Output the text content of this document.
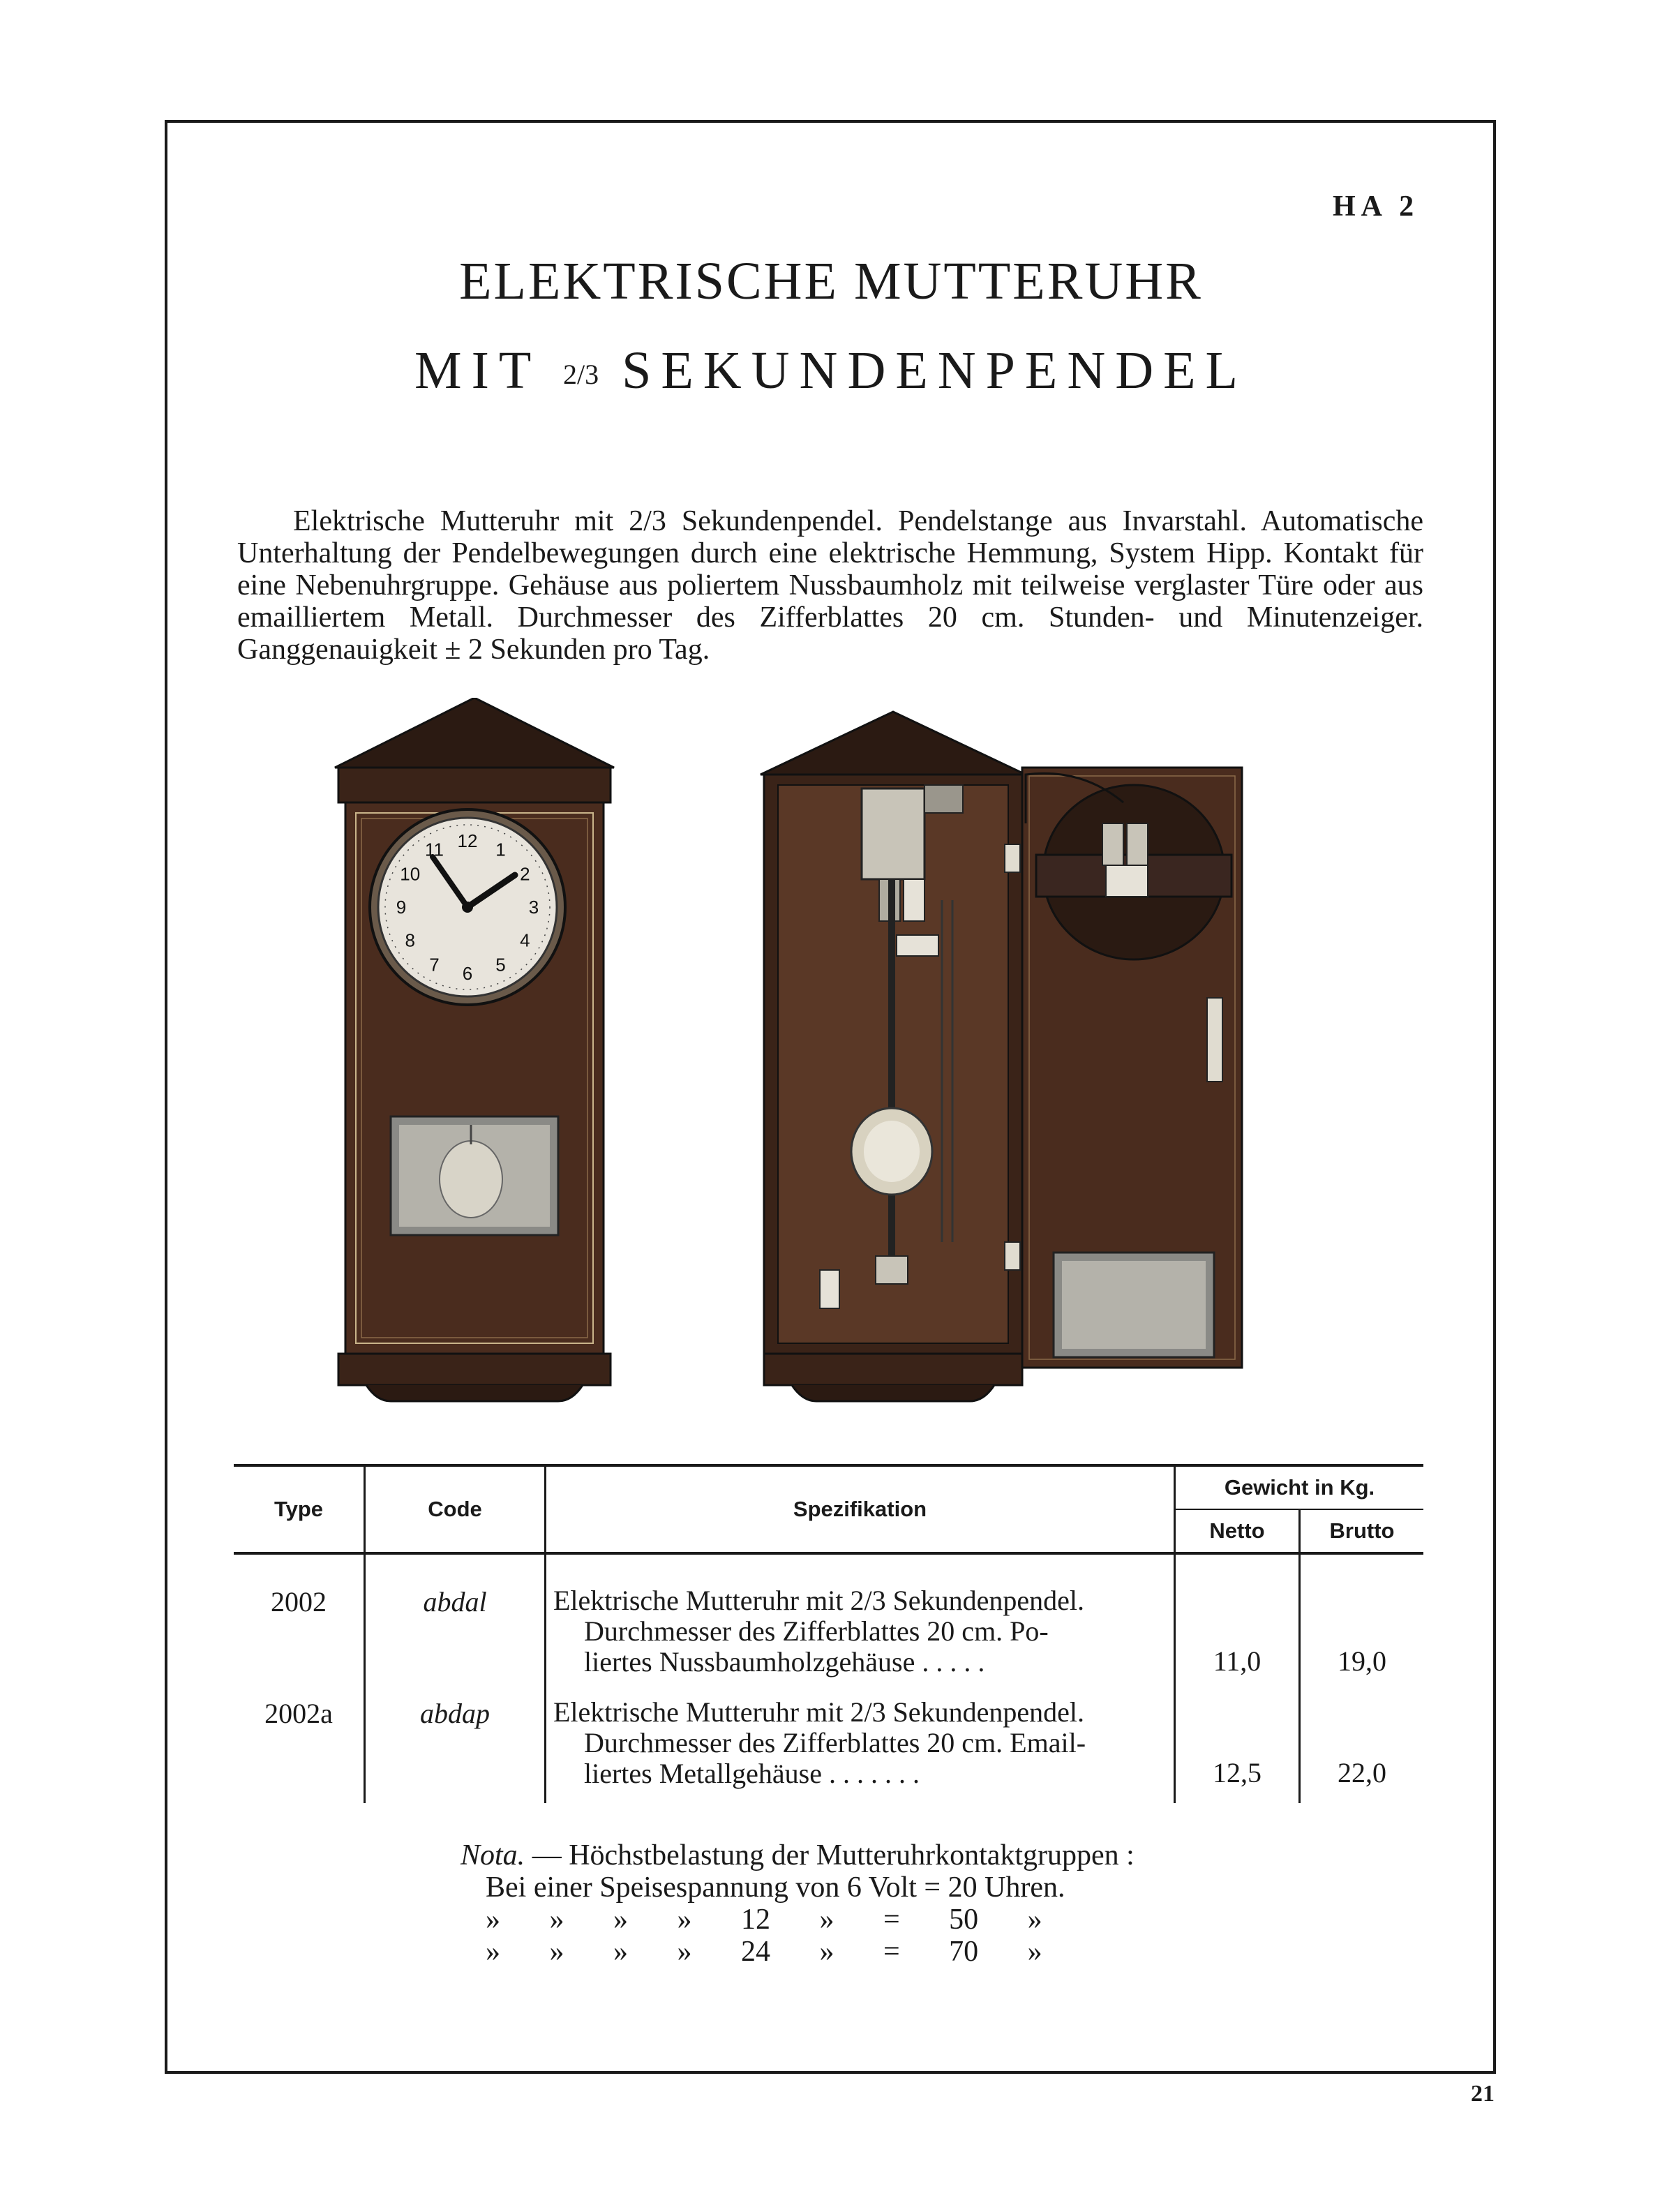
HA 2
ELEKTRISCHE MUTTERUHR
MIT 2/3 SEKUNDENPENDEL
Elektrische Mutteruhr mit 2/3 Sekundenpendel. Pendelstange aus Invarstahl. Automatische Unterhaltung der Pendelbewegungen durch eine elektrische Hemmung, System Hipp. Kontakt für eine Nebenuhrgruppe. Gehäuse aus poliertem Nussbaumholz mit teilweise verglaster Türe oder aus emailliertem Metall. Durchmesser des Zifferblattes 20 cm. Stunden- und Minutenzeiger. Ganggenauigkeit ± 2 Sekunden pro Tag.
12 1
2
3
4
5
6
7
8
9
10
11
Type	Code	Spezifikation	Gewicht in Kg.	
			Netto	Brutto
2002	abdal	Elektrische Mutteruhr mit 2/3 Sekundenpendel.
Durchmesser des Zifferblattes 20 cm. Po-
liertes Nussbaumholzgehäuse . . . . .	11,0	19,0
2002a	abdap	Elektrische Mutteruhr mit 2/3 Sekundenpendel.
Durchmesser des Zifferblattes 20 cm. Email-
liertes Metallgehäuse . . . . . . .	12,5	22,0
Nota. — Höchstbelastung der Mutteruhrkontaktgruppen :
Bei einer Speisespannung von 6 Volt = 20 Uhren.
» » » » 12 » = 50 »
» » » » 24 » = 70 »
21
